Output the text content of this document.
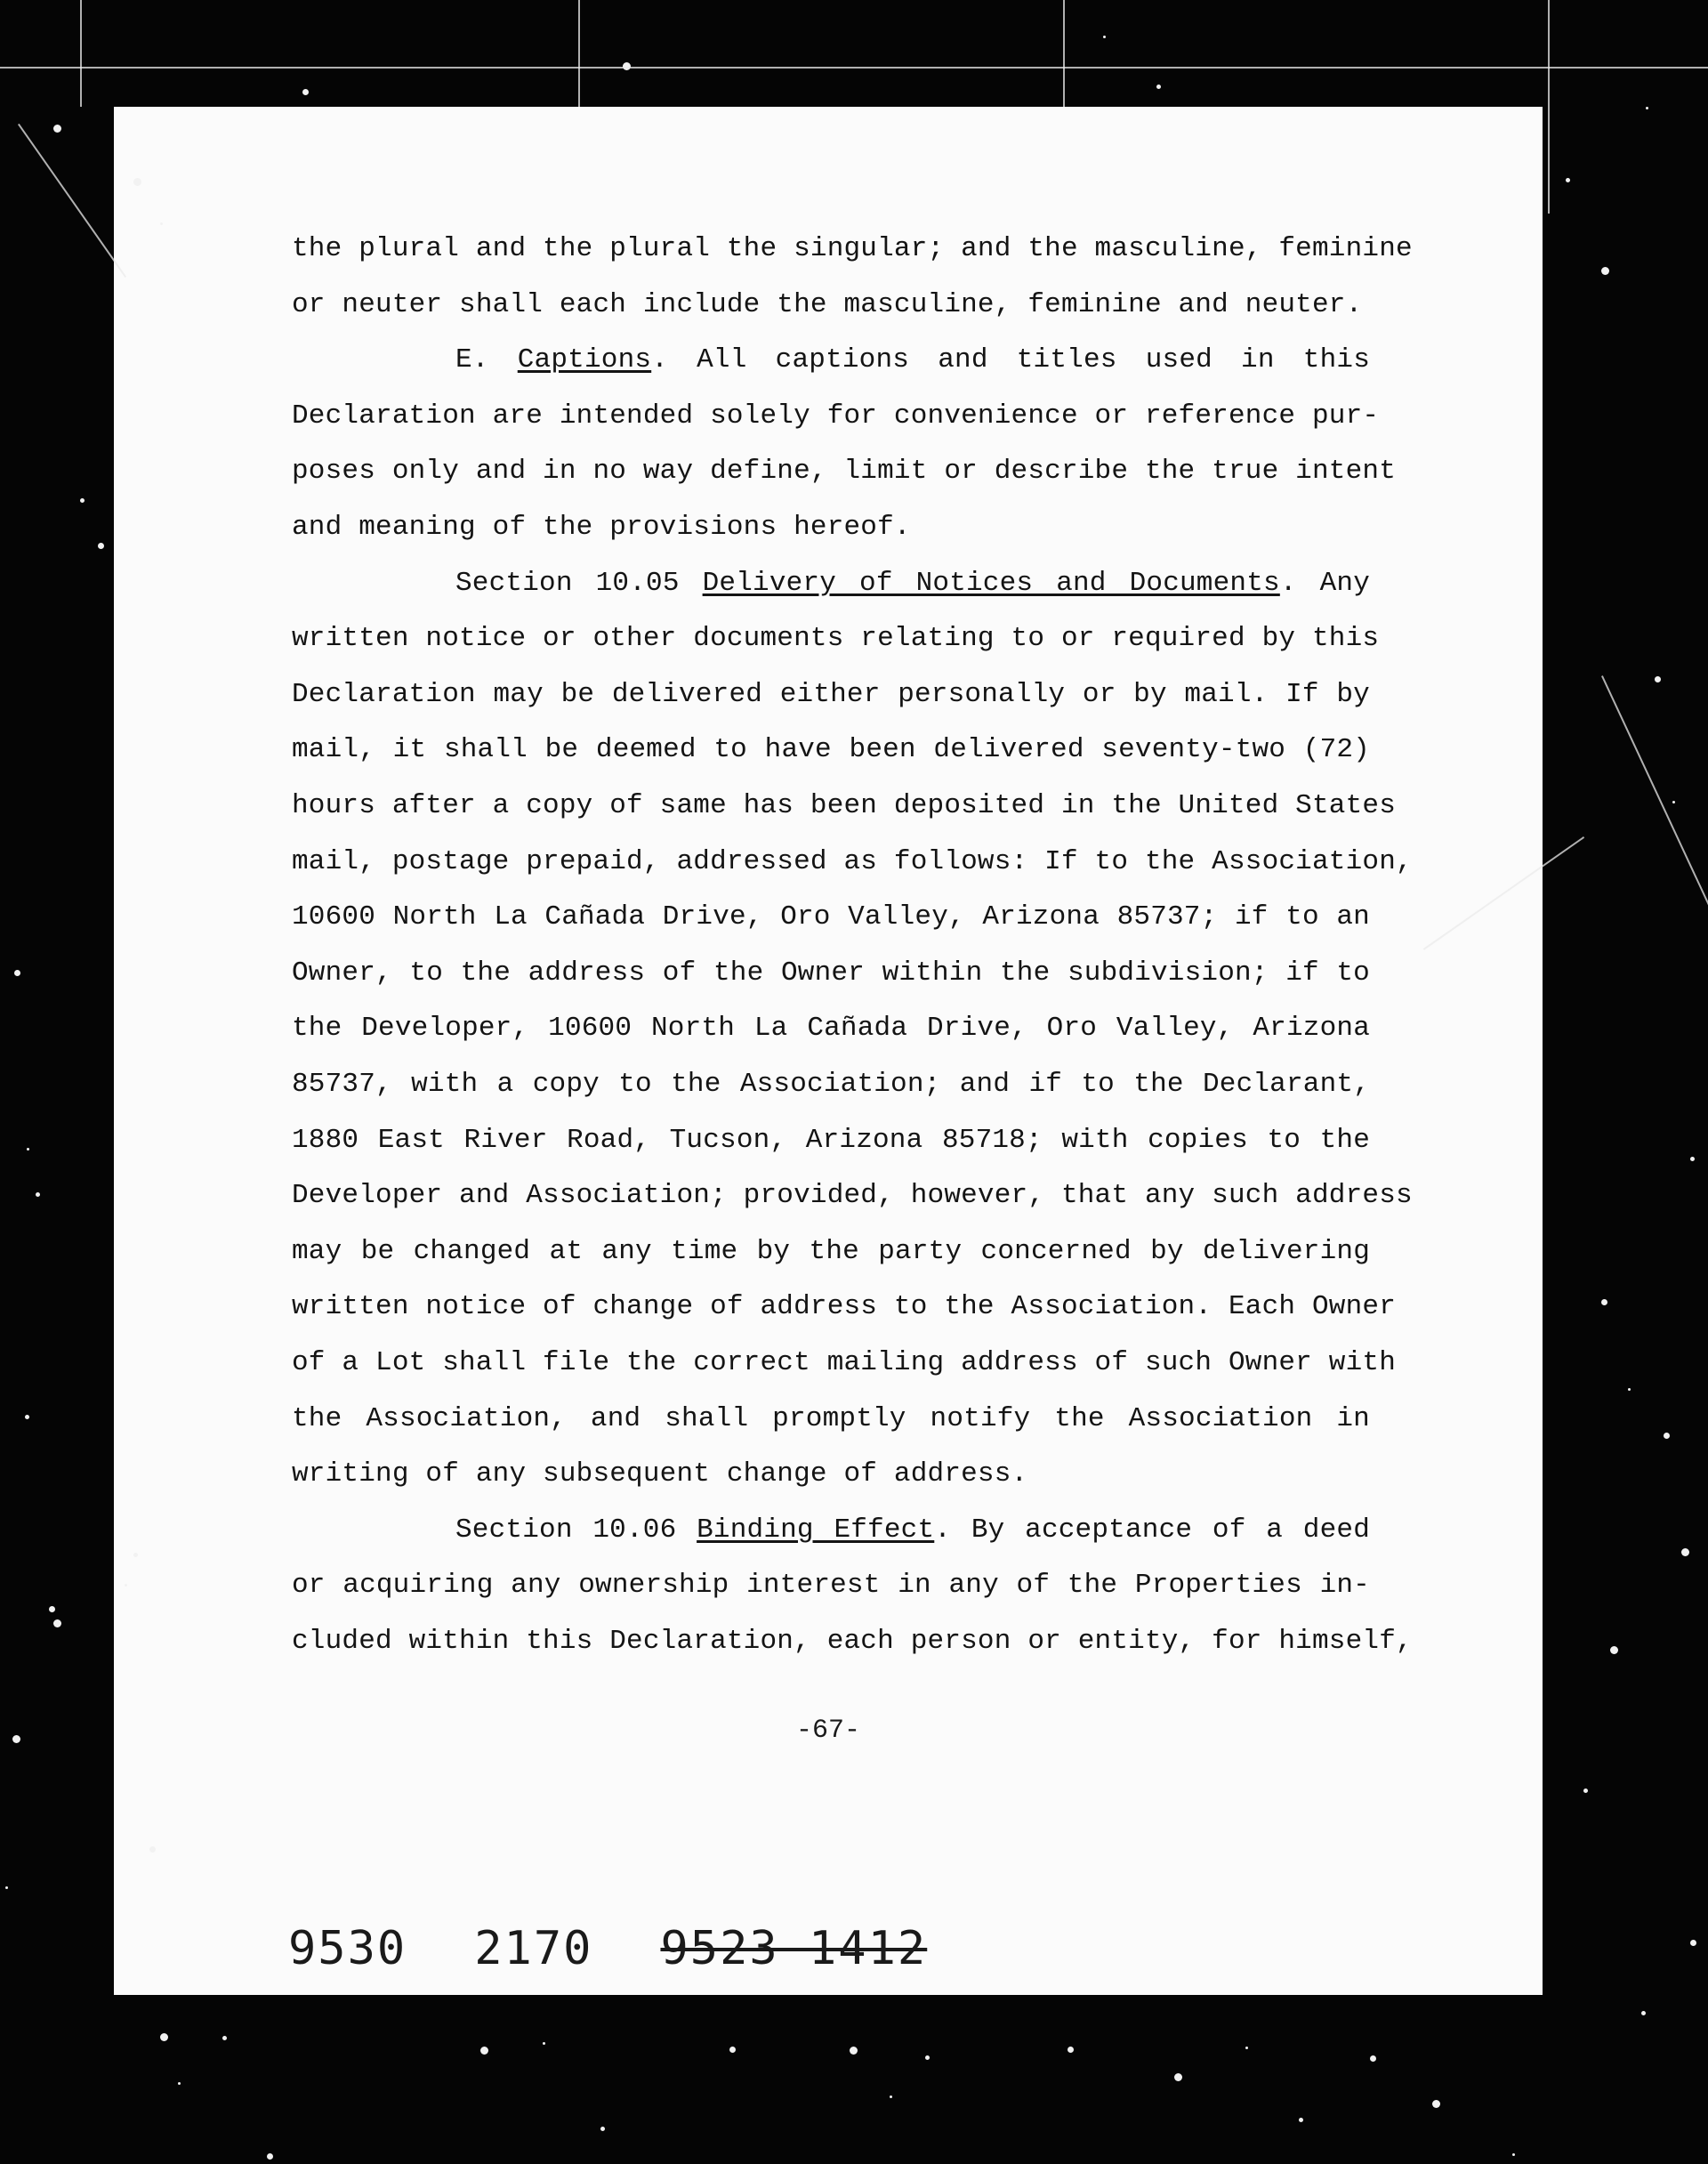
the plural and the plural the singular; and the masculine, feminine
or neuter shall each include the masculine, feminine and neuter.
E. Captions. All captions and titles used in this
Declaration are intended solely for convenience or reference pur-
poses only and in no way define, limit or describe the true intent
and meaning of the provisions hereof.
Section 10.05 Delivery of Notices and Documents. Any
written notice or other documents relating to or required by this
Declaration may be delivered either personally or by mail. If by
mail, it shall be deemed to have been delivered seventy-two (72)
hours after a copy of same has been deposited in the United States
mail, postage prepaid, addressed as follows: If to the Association,
10600 North La Cañada Drive, Oro Valley, Arizona 85737; if to an
Owner, to the address of the Owner within the subdivision; if to
the Developer, 10600 North La Cañada Drive, Oro Valley, Arizona
85737, with a copy to the Association; and if to the Declarant,
1880 East River Road, Tucson, Arizona 85718; with copies to the
Developer and Association; provided, however, that any such address
may be changed at any time by the party concerned by delivering
written notice of change of address to the Association. Each Owner
of a Lot shall file the correct mailing address of such Owner with
the Association, and shall promptly notify the Association in
writing of any subsequent change of address.
Section 10.06 Binding Effect. By acceptance of a deed
or acquiring any ownership interest in any of the Properties in-
cluded within this Declaration, each person or entity, for himself,
-67-
9530 2170 9523 1412
